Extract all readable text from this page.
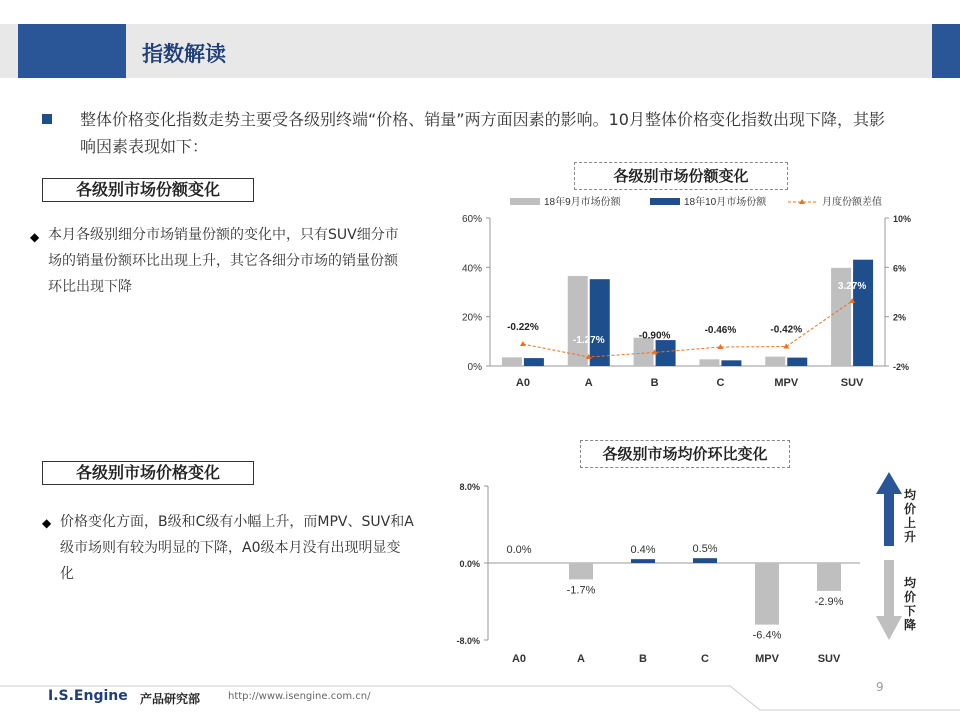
指数解读
整体价格变化指数走势主要受各级别终端“价格、销量”两方面因素的影响。10月整体价格变化指数出现下降，其影响因素表现如下：
各级别市场份额变化
◆ 本月各级别细分市场销量份额的变化中，只有SUV细分市场的销量份额环比出现上升，其它各细分市场的销量份额环比出现下降
各级别市场价格变化
◆ 价格变化方面，B级和C级有小幅上升，而MPV、SUV和A级市场则有较为明显的下降，A0级本月没有出现明显变化
各级别市场份额变化
各级别市场均价环比变化
18年9月市场份额	18年10月市场份额	月度份额差值
0%
20%
40%
60%
-2%
2%
6%
10%
A0	A	B	C	MPV	SUV
-0.22%
-1.27%	-0.90%	-0.46%	-0.42%
3.27%
-8.0%
0.0%
8.0%
0.0%
A0
-1.7%
A
0.4%
B
0.5%
C
-6.4%
MPV
-2.9%
SUV
均
价
上
升
均
价
下
降
I.S.Engine 产品研究部	http://www.isengine.com.cn/
9
